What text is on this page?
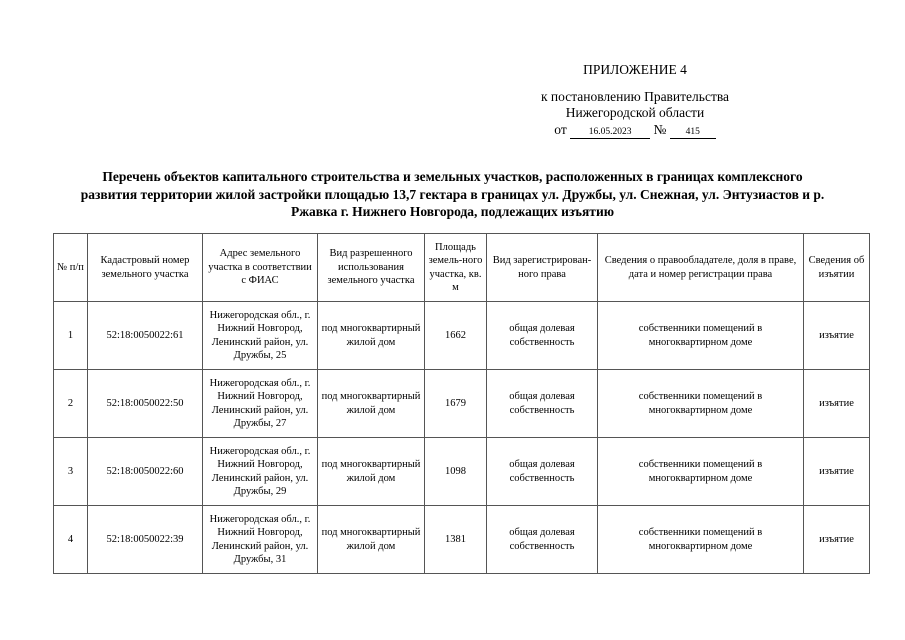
ПРИЛОЖЕНИЕ 4
к постановлению Правительства
Нижегородской области
от 16.05.2023 № 415
Перечень объектов капитального строительства и земельных участков, расположенных в границах комплексного развития территории жилой застройки площадью 13,7 гектара в границах ул. Дружбы, ул. Снежная, ул. Энтузиастов и р. Ржавка г. Нижнего Новгорода, подлежащих изъятию
№ п/п	Кадастровый номер земельного участка	Адрес земельного участка в соответствии с ФИАС	Вид разрешенного использования земельного участка	Площадь земель-ного участка, кв. м	Вид зарегистрирован-ного права	Сведения о правообладателе, доля в праве, дата и номер регистрации права	Сведения об изъятии
1	52:18:0050022:61	Нижегородская обл., г. Нижний Новгород, Ленинский район, ул. Дружбы, 25	под многоквартирный жилой дом	1662	общая долевая собственность	собственники помещений в многоквартирном доме	изъятие
2	52:18:0050022:50	Нижегородская обл., г. Нижний Новгород, Ленинский район, ул. Дружбы, 27	под многоквартирный жилой дом	1679	общая долевая собственность	собственники помещений в многоквартирном доме	изъятие
3	52:18:0050022:60	Нижегородская обл., г. Нижний Новгород, Ленинский район, ул. Дружбы, 29	под многоквартирный жилой дом	1098	общая долевая собственность	собственники помещений в многоквартирном доме	изъятие
4	52:18:0050022:39	Нижегородская обл., г. Нижний Новгород, Ленинский район, ул. Дружбы, 31	под многоквартирный жилой дом	1381	общая долевая собственность	собственники помещений в многоквартирном доме	изъятие
